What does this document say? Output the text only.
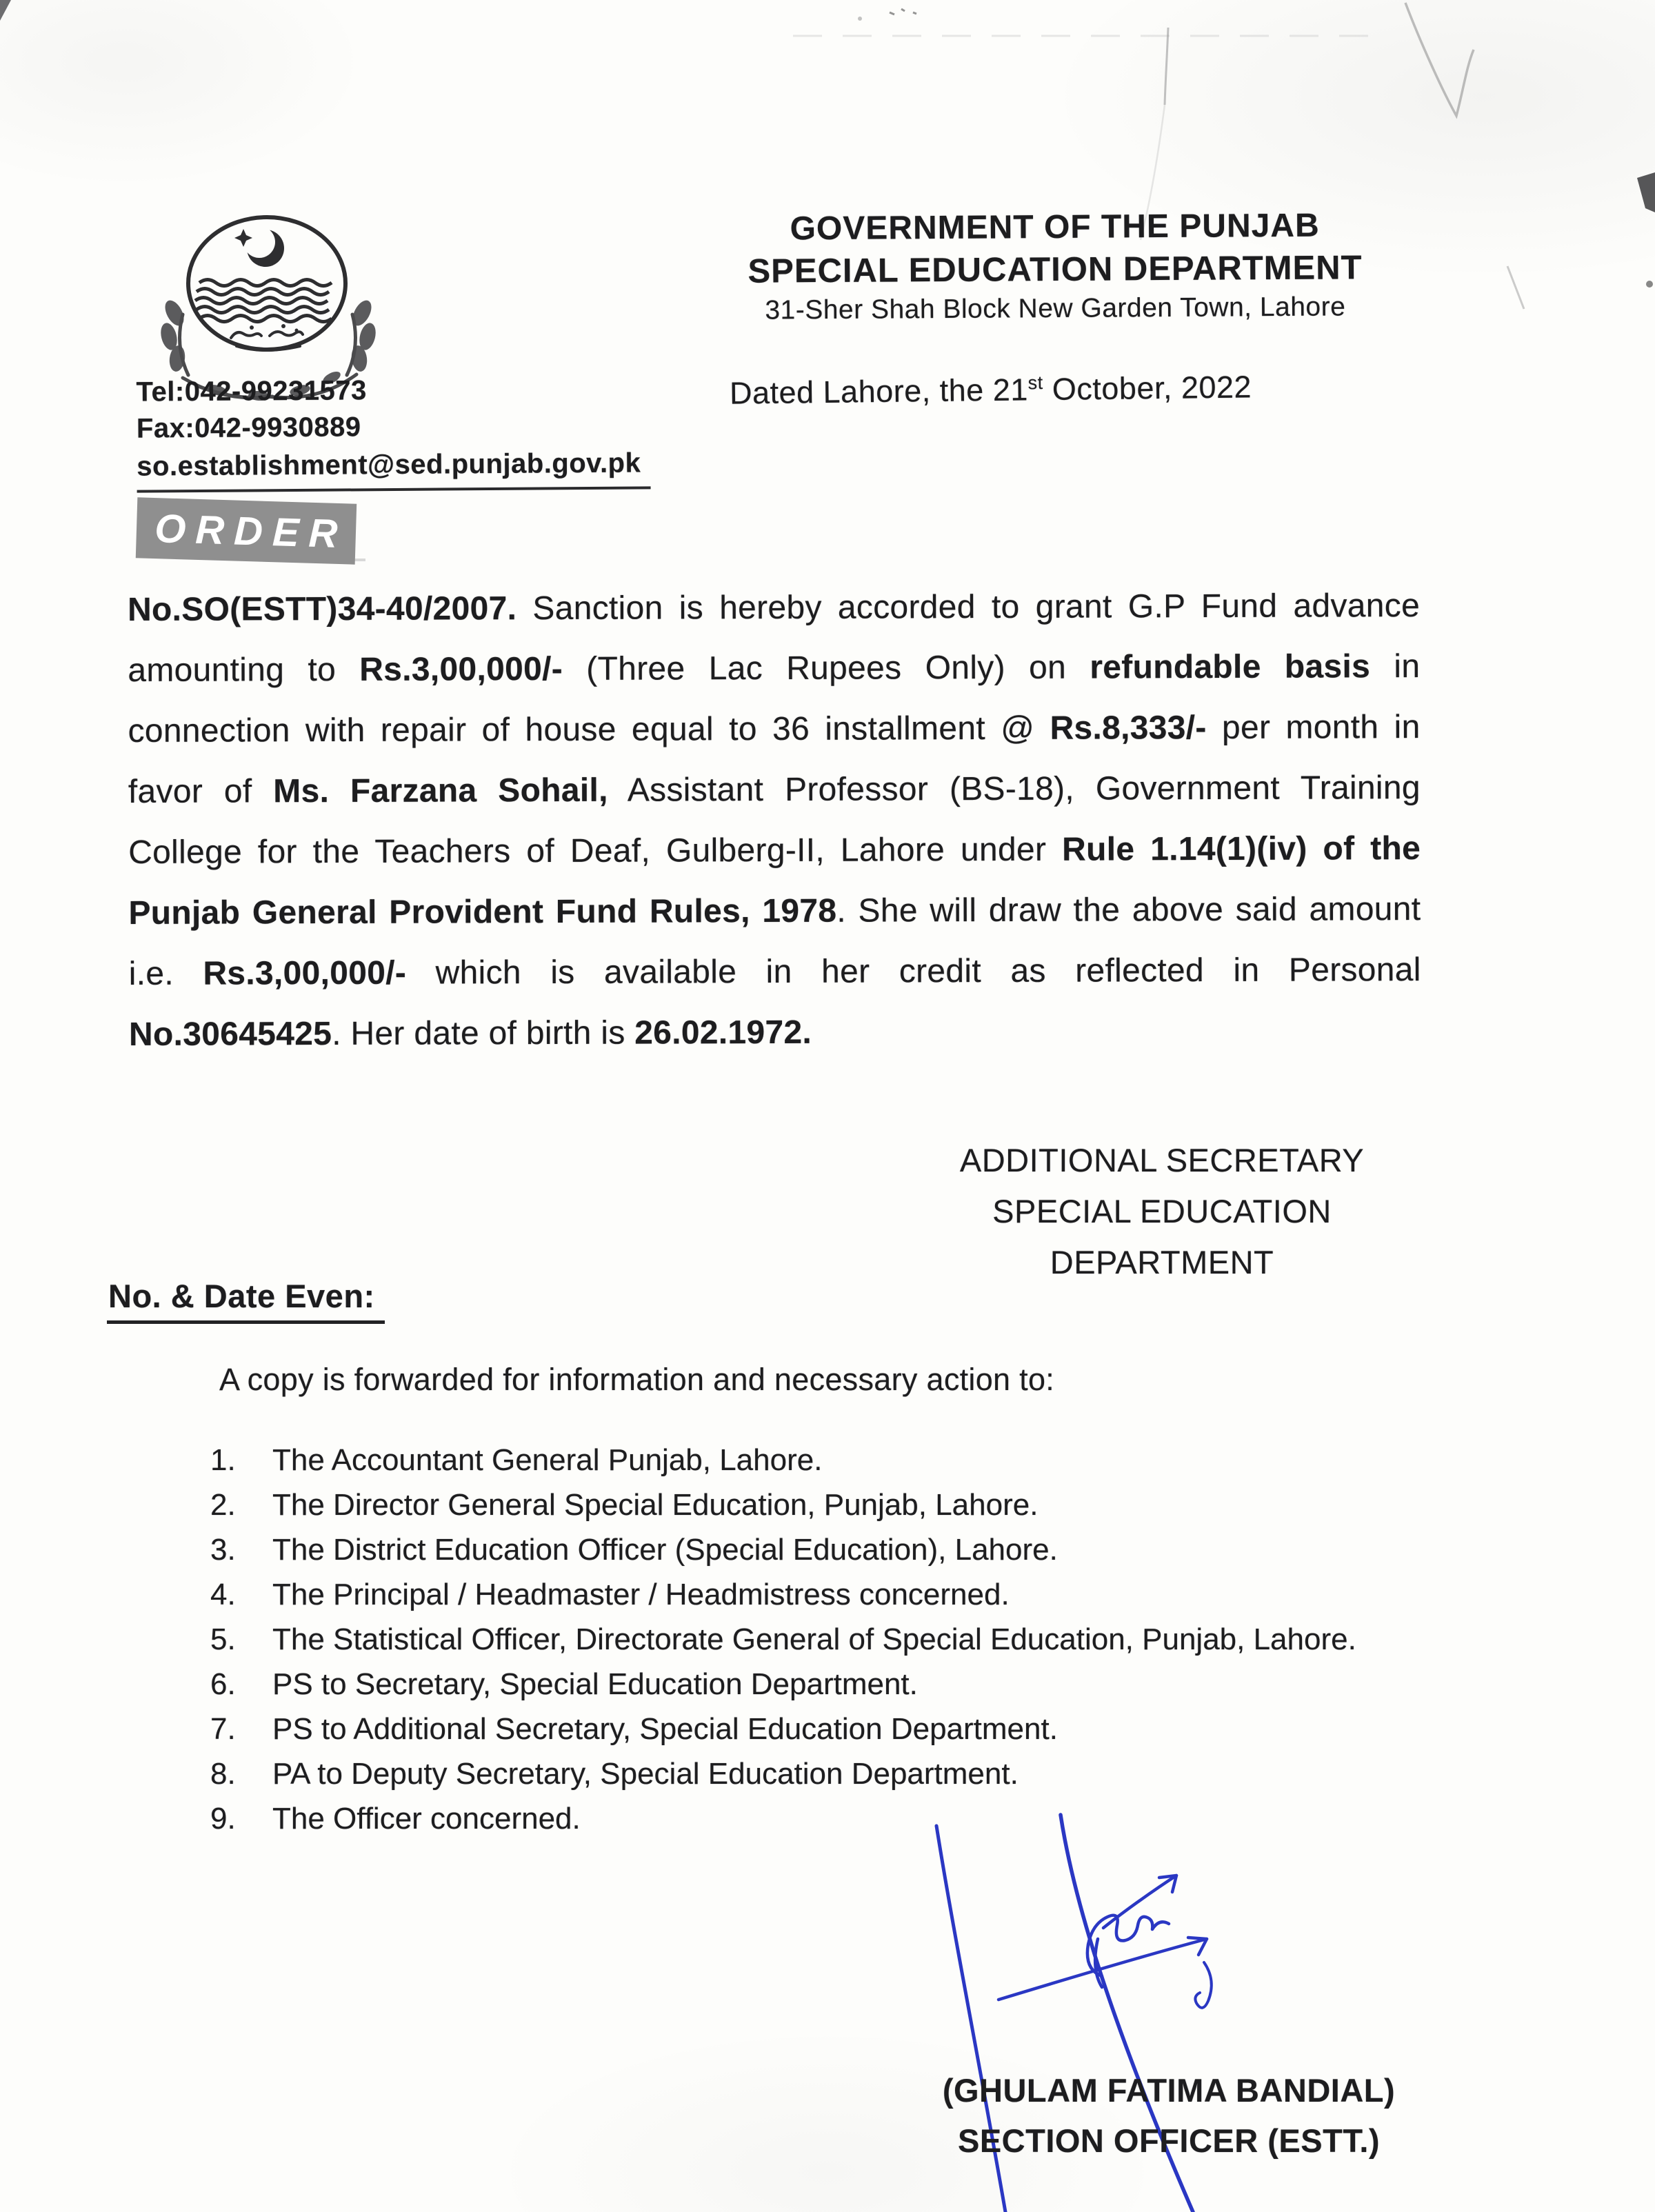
GOVERNMENT OF THE PUNJAB
SPECIAL EDUCATION DEPARTMENT
31-Sher Shah Block New Garden Town, Lahore
Dated Lahore, the 21st October, 2022
Tel:042-99231573
Fax:042-9930889
so.establishment@sed.punjab.gov.pk
ORDER

No.SO(ESTT)34-40/2007. Sanction is hereby accorded to grant G.P Fund advance amounting to Rs.3,00,000/- (Three Lac Rupees Only) on refundable basis in connection with repair of house equal to 36 installment @ Rs.8,333/- per month in favor of Ms. Farzana Sohail, Assistant Professor (BS-18), Government Training College for the Teachers of Deaf, Gulberg-II, Lahore under Rule 1.14(1)(iv) of the Punjab General Provident Fund Rules, 1978. She will draw the above said amount i.e. Rs.3,00,000/- which is available in her credit as reflected in Personal No.30645425. Her date of birth is 26.02.1972.

ADDITIONAL SECRETARY
SPECIAL EDUCATION
DEPARTMENT
No. & Date Even:
A copy is forwarded for information and necessary action to:
1. The Accountant General Punjab, Lahore.
2. The Director General Special Education, Punjab, Lahore.
3. The District Education Officer (Special Education), Lahore.
4. The Principal / Headmaster / Headmistress concerned.
5. The Statistical Officer, Directorate General of Special Education, Punjab, Lahore.
6. PS to Secretary, Special Education Department.
7. PS to Additional Secretary, Special Education Department.
8. PA to Deputy Secretary, Special Education Department.
9. The Officer concerned.
(GHULAM FATIMA BANDIAL)
SECTION OFFICER (ESTT.)
